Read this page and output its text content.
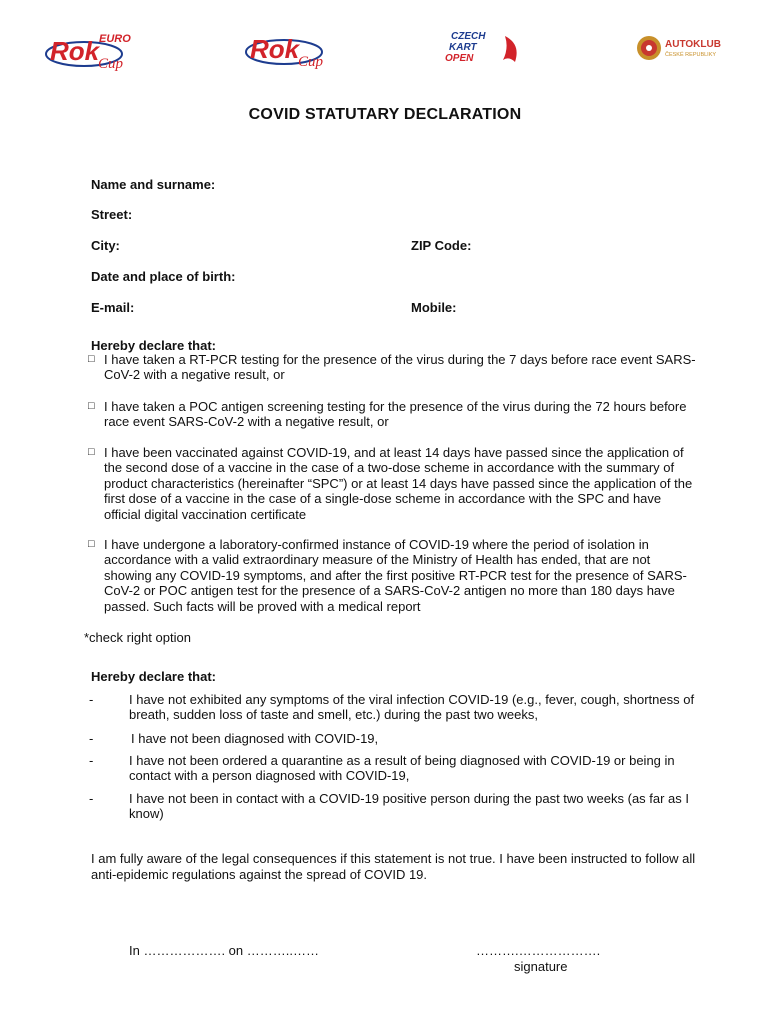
Rok EURO
Cup	Rok
Cup
CZECH
KART
OPEN
AUTOKLUB
ČESKÉ REPUBLIKY
COVID STATUTARY DECLARATION
Name and surname:
Street:
City:	ZIP Code:
Date and place of birth:
E-mail:	Mobile:
Hereby declare that:
□ I have taken a RT-PCR testing for the presence of the virus during the 7 days before race event SARS-CoV-2 with a negative result, or
□ I have taken a POC antigen screening testing for the presence of the virus during the 72 hours before race event SARS-CoV-2 with a negative result, or
□ I have been vaccinated against COVID-19, and at least 14 days have passed since the application of the second dose of a vaccine in the case of a two-dose scheme in accordance with the summary of product characteristics (hereinafter “SPC”) or at least 14 days have passed since the application of the first dose of a vaccine in the case of a single-dose scheme in accordance with the SPC and have official digital vaccination certificate
□ I have undergone a laboratory-confirmed instance of COVID-19 where the period of isolation in accordance with a valid extraordinary measure of the Ministry of Health has ended, that are not showing any COVID-19 symptoms, and after the first positive RT-PCR test for the presence of SARS-CoV-2 or POC antigen test for the presence of a SARS-CoV-2 antigen no more than 180 days have passed. Such facts will be proved with a medical report
*check right option
Hereby declare that:
-	I have not exhibited any symptoms of the viral infection COVID-19 (e.g., fever, cough, shortness of breath, sudden loss of taste and smell, etc.) during the past two weeks,
-	I have not been diagnosed with COVID-19,
-	I have not been ordered a quarantine as a result of being diagnosed with COVID-19 or being in contact with a person diagnosed with COVID-19,
-	I have not been in contact with a COVID-19 positive person during the past two weeks (as far as I know)
I am fully aware of the legal consequences if this statement is not true. I have been instructed to follow all anti-epidemic regulations against the spread of COVID 19.
In ………………. on ………..……	……….……………….
signature
